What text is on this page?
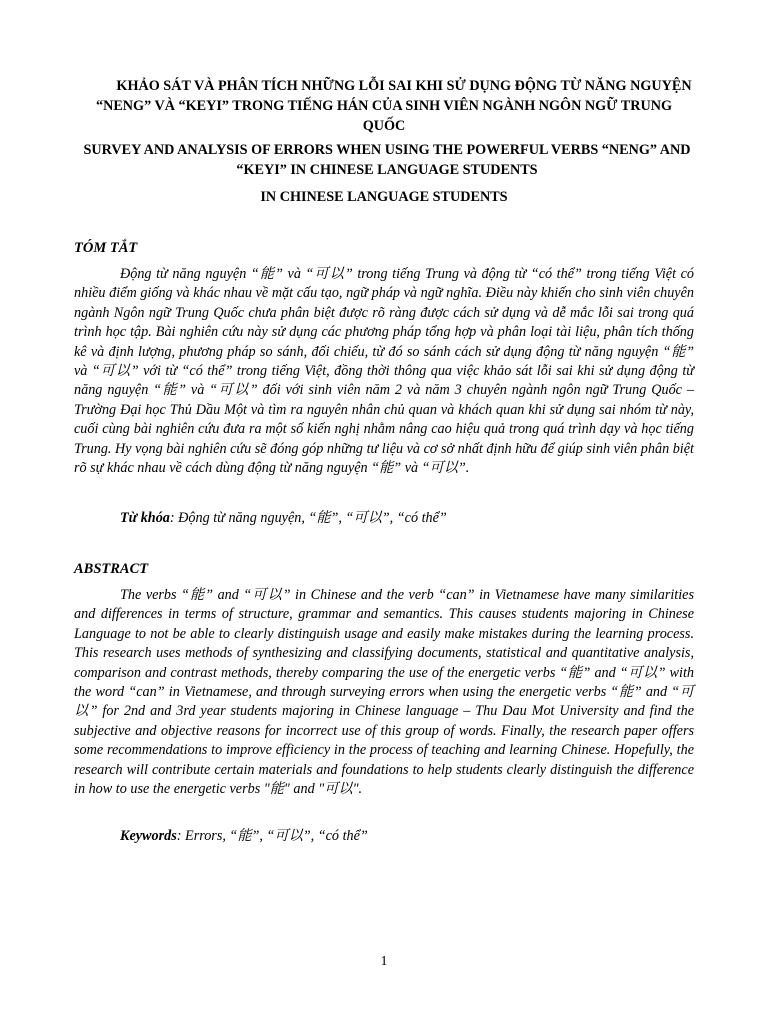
KHẢO SÁT VÀ PHÂN TÍCH NHỮNG LỖI SAI KHI SỬ DỤNG ĐỘNG TỪ NĂNG NGUYỆN “NENG” VÀ “KEYI” TRONG TIẾNG HÁN CỦA SINH VIÊN NGÀNH NGÔN NGỮ TRUNG QUỐC
SURVEY AND ANALYSIS OF ERRORS WHEN USING THE POWERFUL VERBS “NENG” AND “KEYI” IN CHINESE LANGUAGE STUDENTS
IN CHINESE LANGUAGE STUDENTS
TÓM TẮT
Động từ năng nguyện “能” và “可以” trong tiếng Trung và động từ “có thể” trong tiếng Việt có nhiều điểm giống và khác nhau về mặt cấu tạo, ngữ pháp và ngữ nghĩa. Điều này khiến cho sinh viên chuyên ngành Ngôn ngữ Trung Quốc chưa phân biệt được rõ ràng được cách sử dụng và dễ mắc lỗi sai trong quá trình học tập. Bài nghiên cứu này sử dụng các phương pháp tổng hợp và phân loại tài liệu, phân tích thống kê và định lượng, phương pháp so sánh, đối chiếu, từ đó so sánh cách sử dụng động từ năng nguyện “能” và “可以” với từ “có thể” trong tiếng Việt, đồng thời thông qua việc khảo sát lỗi sai khi sử dụng động từ năng nguyện “能” và “可以” đối với sinh viên năm 2 và năm 3 chuyên ngành ngôn ngữ Trung Quốc – Trường Đại học Thủ Dầu Một và tìm ra nguyên nhân chủ quan và khách quan khi sử dụng sai nhóm từ này, cuối cùng bài nghiên cứu đưa ra một số kiến nghị nhằm nâng cao hiệu quả trong quá trình dạy và học tiếng Trung. Hy vọng bài nghiên cứu sẽ đóng góp những tư liệu và cơ sở nhất định hữu để giúp sinh viên phân biệt rõ sự khác nhau về cách dùng động từ năng nguyện “能” và “可以”.
Từ khóa: Động từ năng nguyện, “能”, “可以”, “có thể”
ABSTRACT
The verbs “能” and “可以” in Chinese and the verb “can” in Vietnamese have many similarities and differences in terms of structure, grammar and semantics. This causes students majoring in Chinese Language to not be able to clearly distinguish usage and easily make mistakes during the learning process. This research uses methods of synthesizing and classifying documents, statistical and quantitative analysis, comparison and contrast methods, thereby comparing the use of the energetic verbs “能” and “可以” with the word “can” in Vietnamese, and through surveying errors when using the energetic verbs “能” and “可以” for 2nd and 3rd year students majoring in Chinese language – Thu Dau Mot University and find the subjective and objective reasons for incorrect use of this group of words. Finally, the research paper offers some recommendations to improve efficiency in the process of teaching and learning Chinese. Hopefully, the research will contribute certain materials and foundations to help students clearly distinguish the difference in how to use the energetic verbs "能" and "可以".
Keywords: Errors, “能”, “可以”, “có thể”
1
